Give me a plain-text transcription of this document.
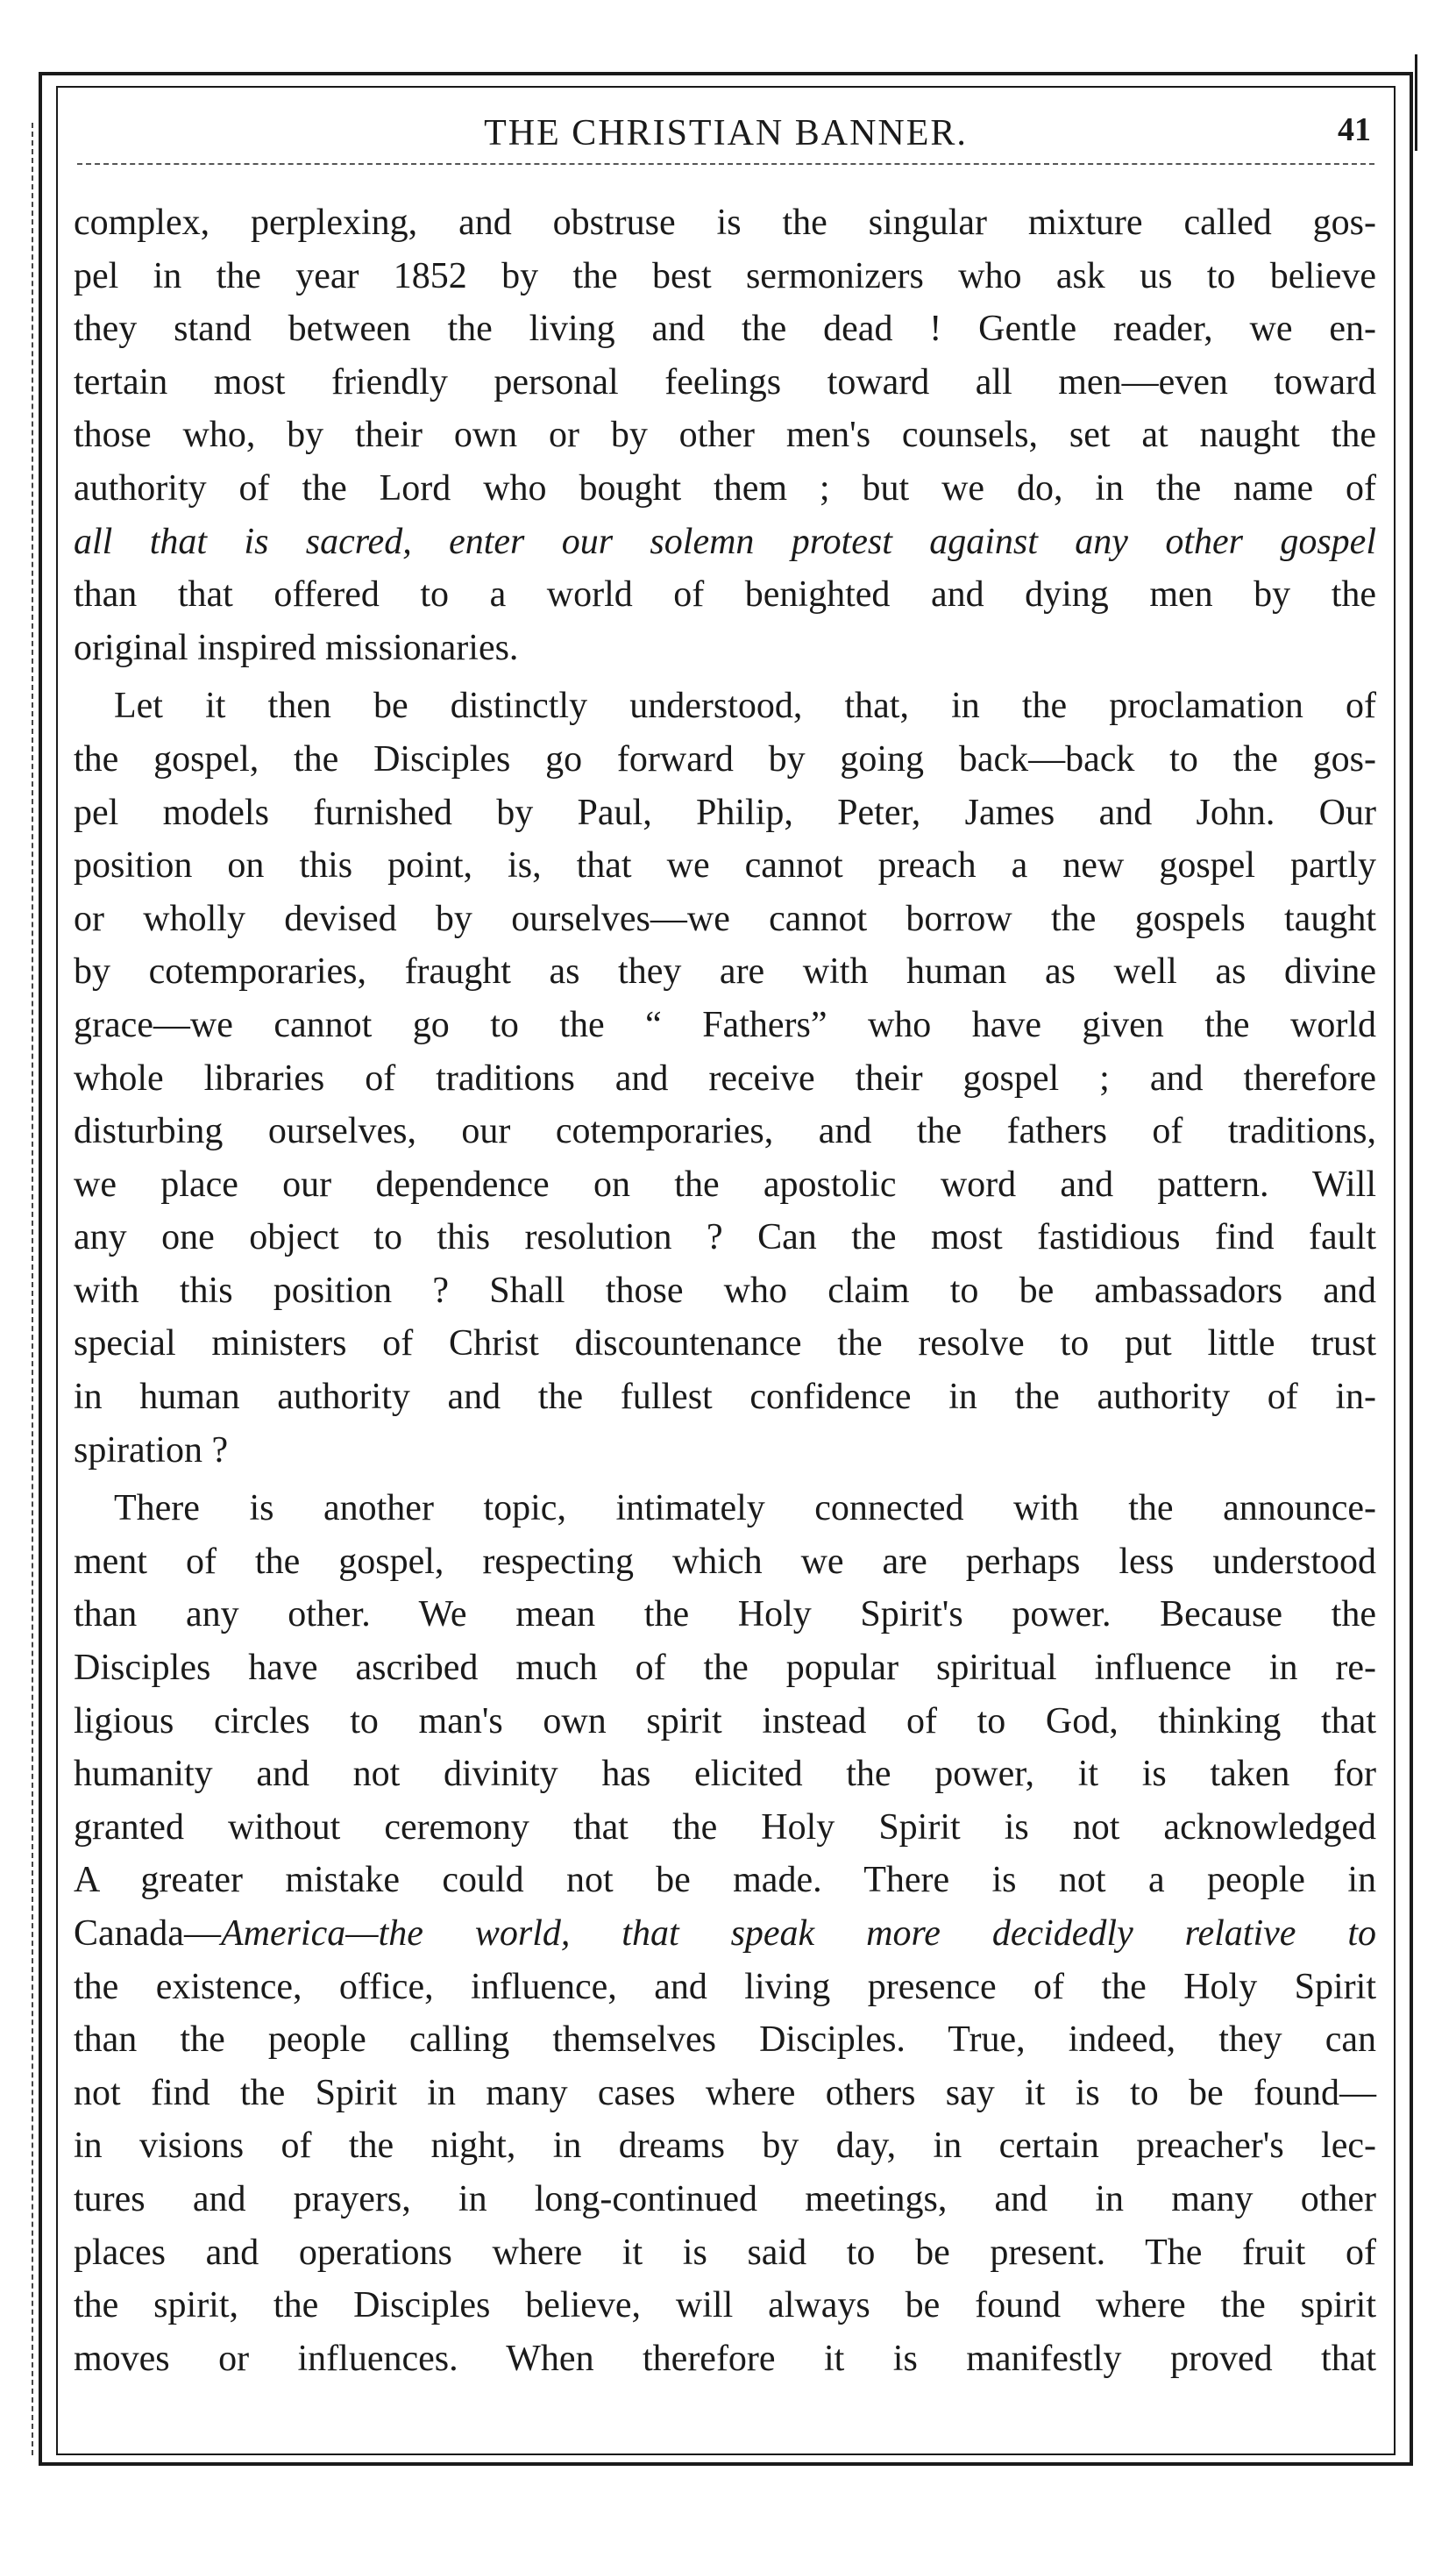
THE CHRISTIAN BANNER.	41

complex, perplexing, and obstruse is the singular mixture called gos-
pel in the year 1852 by the best sermonizers who ask us to believe
they stand between the living and the dead ! Gentle reader, we en-
tertain most friendly personal feelings toward all men—even toward
those who, by their own or by other men's counsels, set at naught the
authority of the Lord who bought them ; but we do, in the name of
all that is sacred, enter our solemn protest against any other gospel
than that offered to a world of benighted and dying men by the
original inspired missionaries.

Let it then be distinctly understood, that, in the proclamation of
the gospel, the Disciples go forward by going back—back to the gos-
pel models furnished by Paul, Philip, Peter, James and John. Our
position on this point, is, that we cannot preach a new gospel partly
or wholly devised by ourselves—we cannot borrow the gospels taught
by cotemporaries, fraught as they are with human as well as divine
grace—we cannot go to the “ Fathers” who have given the world
whole libraries of traditions and receive their gospel ; and therefore
disturbing ourselves, our cotemporaries, and the fathers of traditions,
we place our dependence on the apostolic word and pattern. Will
any one object to this resolution ? Can the most fastidious find fault
with this position ? Shall those who claim to be ambassadors and
special ministers of Christ discountenance the resolve to put little trust
in human authority and the fullest confidence in the authority of in-
spiration ?

There is another topic, intimately connected with the announce-
ment of the gospel, respecting which we are perhaps less understood
than any other. We mean the Holy Spirit's power. Because the
Disciples have ascribed much of the popular spiritual influence in re-
ligious circles to man's own spirit instead of to God, thinking that
humanity and not divinity has elicited the power, it is taken for
granted without ceremony that the Holy Spirit is not acknowledged
A greater mistake could not be made. There is not a people in
Canada—America—the world, that speak more decidedly relative to
the existence, office, influence, and living presence of the Holy Spirit
than the people calling themselves Disciples. True, indeed, they can
not find the Spirit in many cases where others say it is to be found—
in visions of the night, in dreams by day, in certain preacher's lec-
tures and prayers, in long-continued meetings, and in many other
places and operations where it is said to be present. The fruit of
the spirit, the Disciples believe, will always be found where the spirit
moves or influences. When therefore it is manifestly proved that
